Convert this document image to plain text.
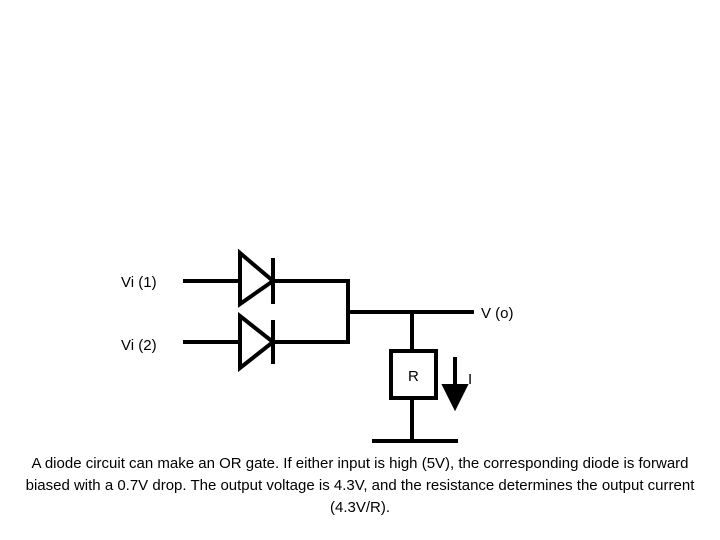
Vi (1)
Vi (2)
V (o)
R	I

A diode circuit can make an OR gate. If either input is high (5V), the corresponding diode is forward biased with a 0.7V drop. The output voltage is 4.3V, and the resistance determines the output current (4.3V/R).
